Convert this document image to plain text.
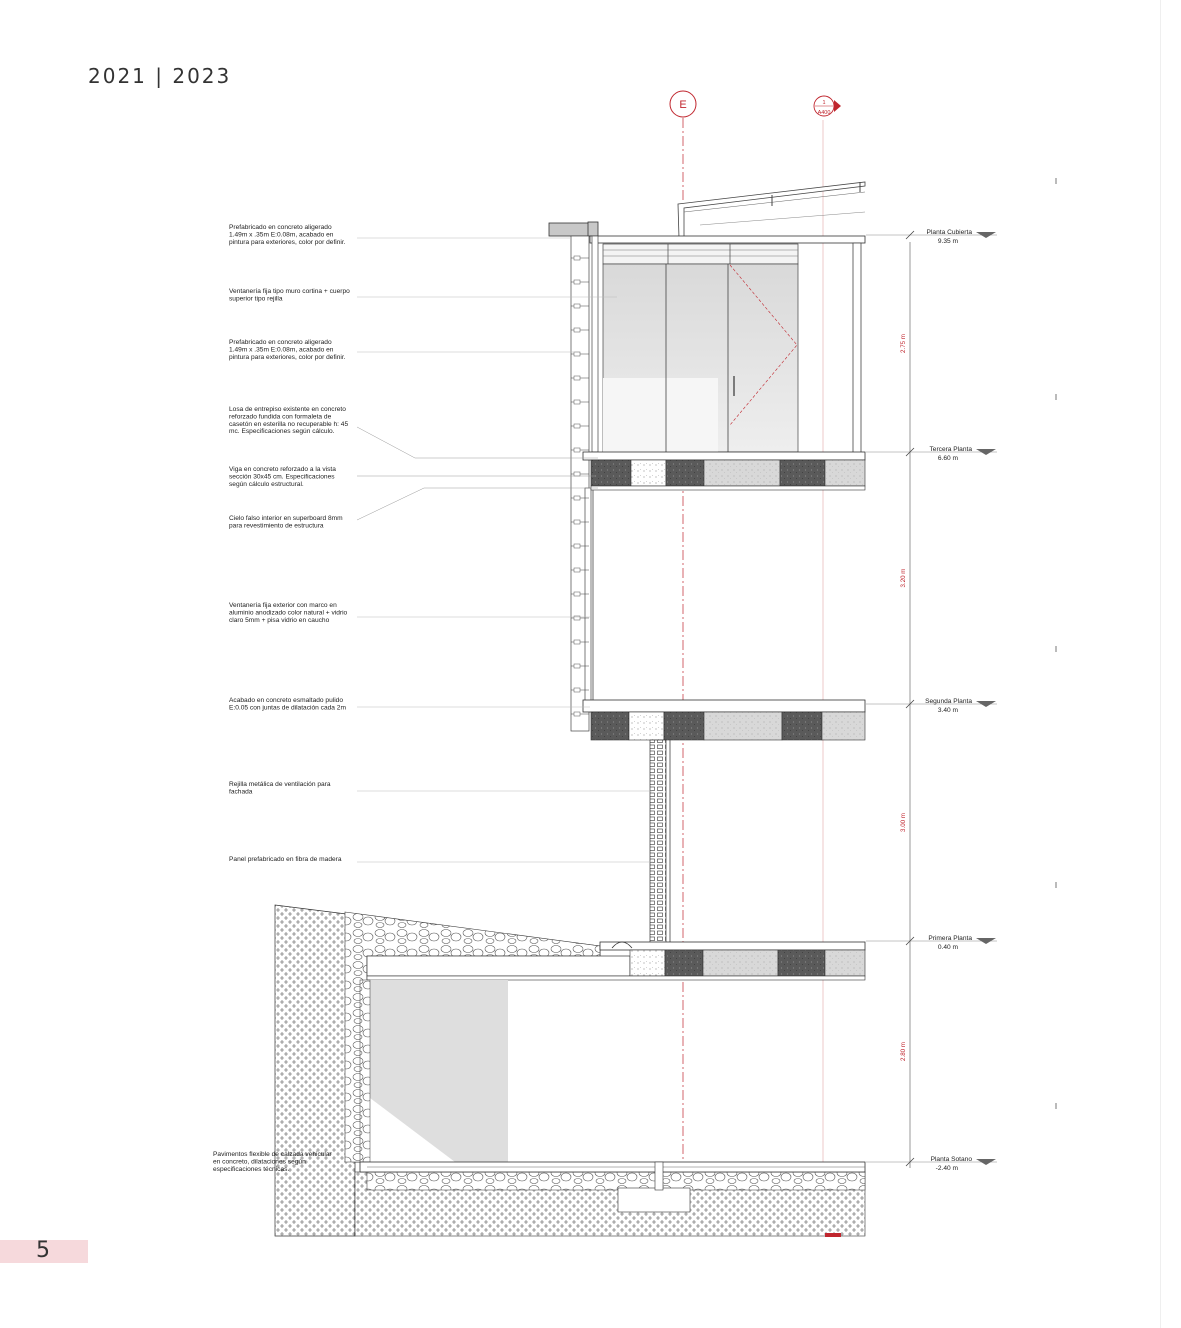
2021 | 2023
5
E	1
A400
Prefabricado en concreto aligerado 1.49m x .35m E:0.08m, acabado en pintura para exteriores, color por definir.
Ventanería fija tipo muro cortina + cuerpo superior tipo rejilla
Prefabricado en concreto aligerado 1.49m x .35m E:0.08m, acabado en pintura para exteriores, color por definir.
Losa de entrepiso existente en concreto reforzado fundida con formaleta de casetón en esterilla no recuperable h: 45 mc. Especificaciones según cálculo.
Viga en concreto reforzado a la vista sección 30x45 cm. Especificaciones según cálculo estructural.
Cielo falso interior en superboard 8mm para revestimiento de estructura
Ventanería fija exterior con marco en aluminio anodizado color natural + vidrio claro 5mm + pisa vidrio en caucho
Acabado en concreto esmaltado pulido E:0.05 con juntas de dilatación cada 2m
Rejilla metálica de ventilación para fachada
Panel prefabricado en fibra de madera
Pavimentos flexible de calzada vehicular en concreto, dilataciones según especificaciones técnicas.
Planta Cubierta
9.35 m
Tercera Planta
6.60 m
Segunda Planta
3.40 m
Primera Planta
0.40 m
Planta Sotano
-2.40 m
2.75 m
3.20 m
3.00 m
2.80 m
